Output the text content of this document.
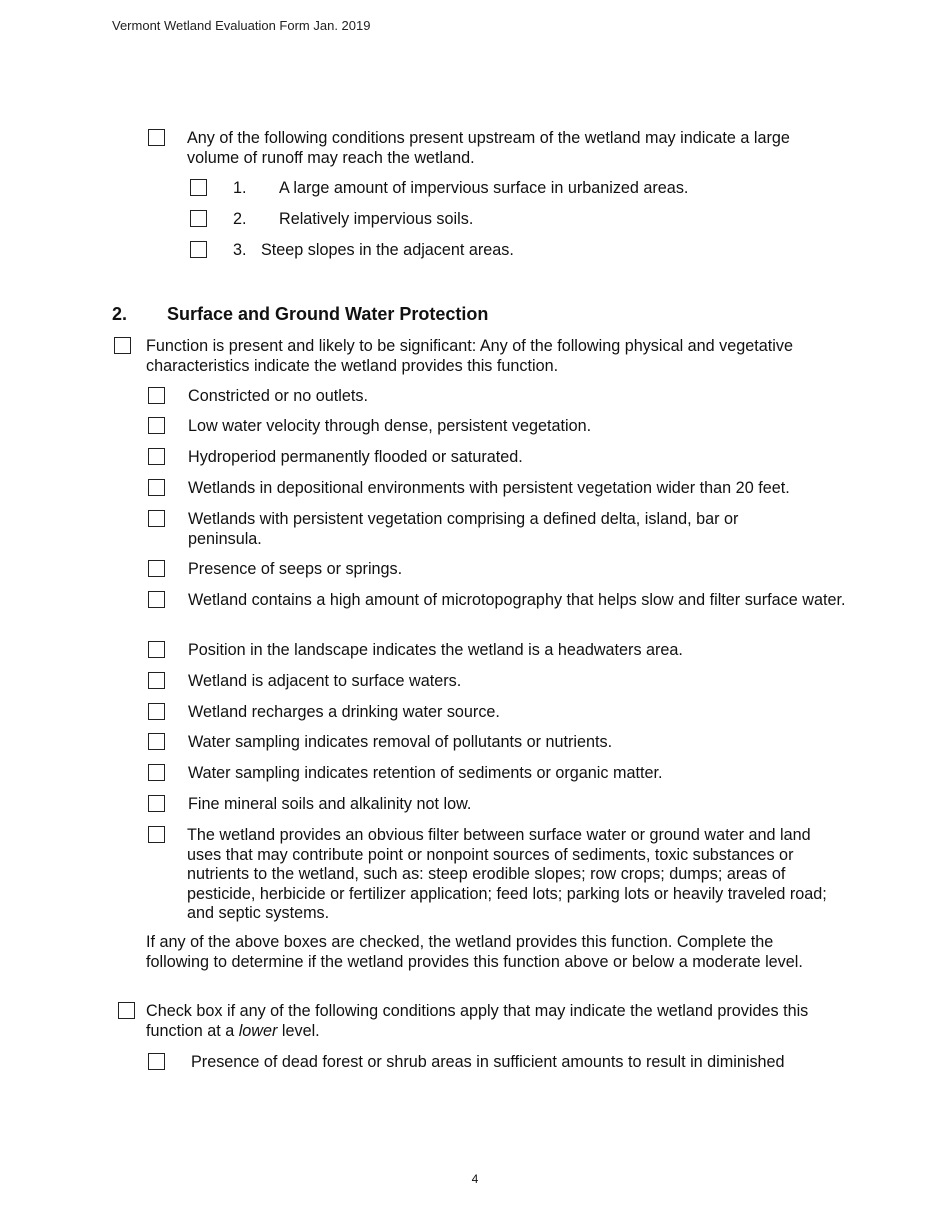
Vermont Wetland Evaluation Form Jan. 2019
Any of the following conditions present upstream of the wetland may indicate a large volume of runoff may reach the wetland.
1. A large amount of impervious surface in urbanized areas.
2. Relatively impervious soils.
3. Steep slopes in the adjacent areas.
2. Surface and Ground Water Protection
Function is present and likely to be significant: Any of the following physical and vegetative characteristics indicate the wetland provides this function.
Constricted or no outlets.
Low water velocity through dense, persistent vegetation.
Hydroperiod permanently flooded or saturated.
Wetlands in depositional environments with persistent vegetation wider than 20 feet.
Wetlands with persistent vegetation comprising a defined delta, island, bar or peninsula.
Presence of seeps or springs.
Wetland contains a high amount of microtopography that helps slow and filter surface water.
Position in the landscape indicates the wetland is a headwaters area.
Wetland is adjacent to surface waters.
Wetland recharges a drinking water source.
Water sampling indicates removal of pollutants or nutrients.
Water sampling indicates retention of sediments or organic matter.
Fine mineral soils and alkalinity not low.
The wetland provides an obvious filter between surface water or ground water and land uses that may contribute point or nonpoint sources of sediments, toxic substances or nutrients to the wetland, such as: steep erodible slopes; row crops; dumps; areas of pesticide, herbicide or fertilizer application; feed lots; parking lots or heavily traveled road; and septic systems.
If any of the above boxes are checked, the wetland provides this function. Complete the following to determine if the wetland provides this function above or below a moderate level.
Check box if any of the following conditions apply that may indicate the wetland provides this function at a lower level.
Presence of dead forest or shrub areas in sufficient amounts to result in diminished
4
